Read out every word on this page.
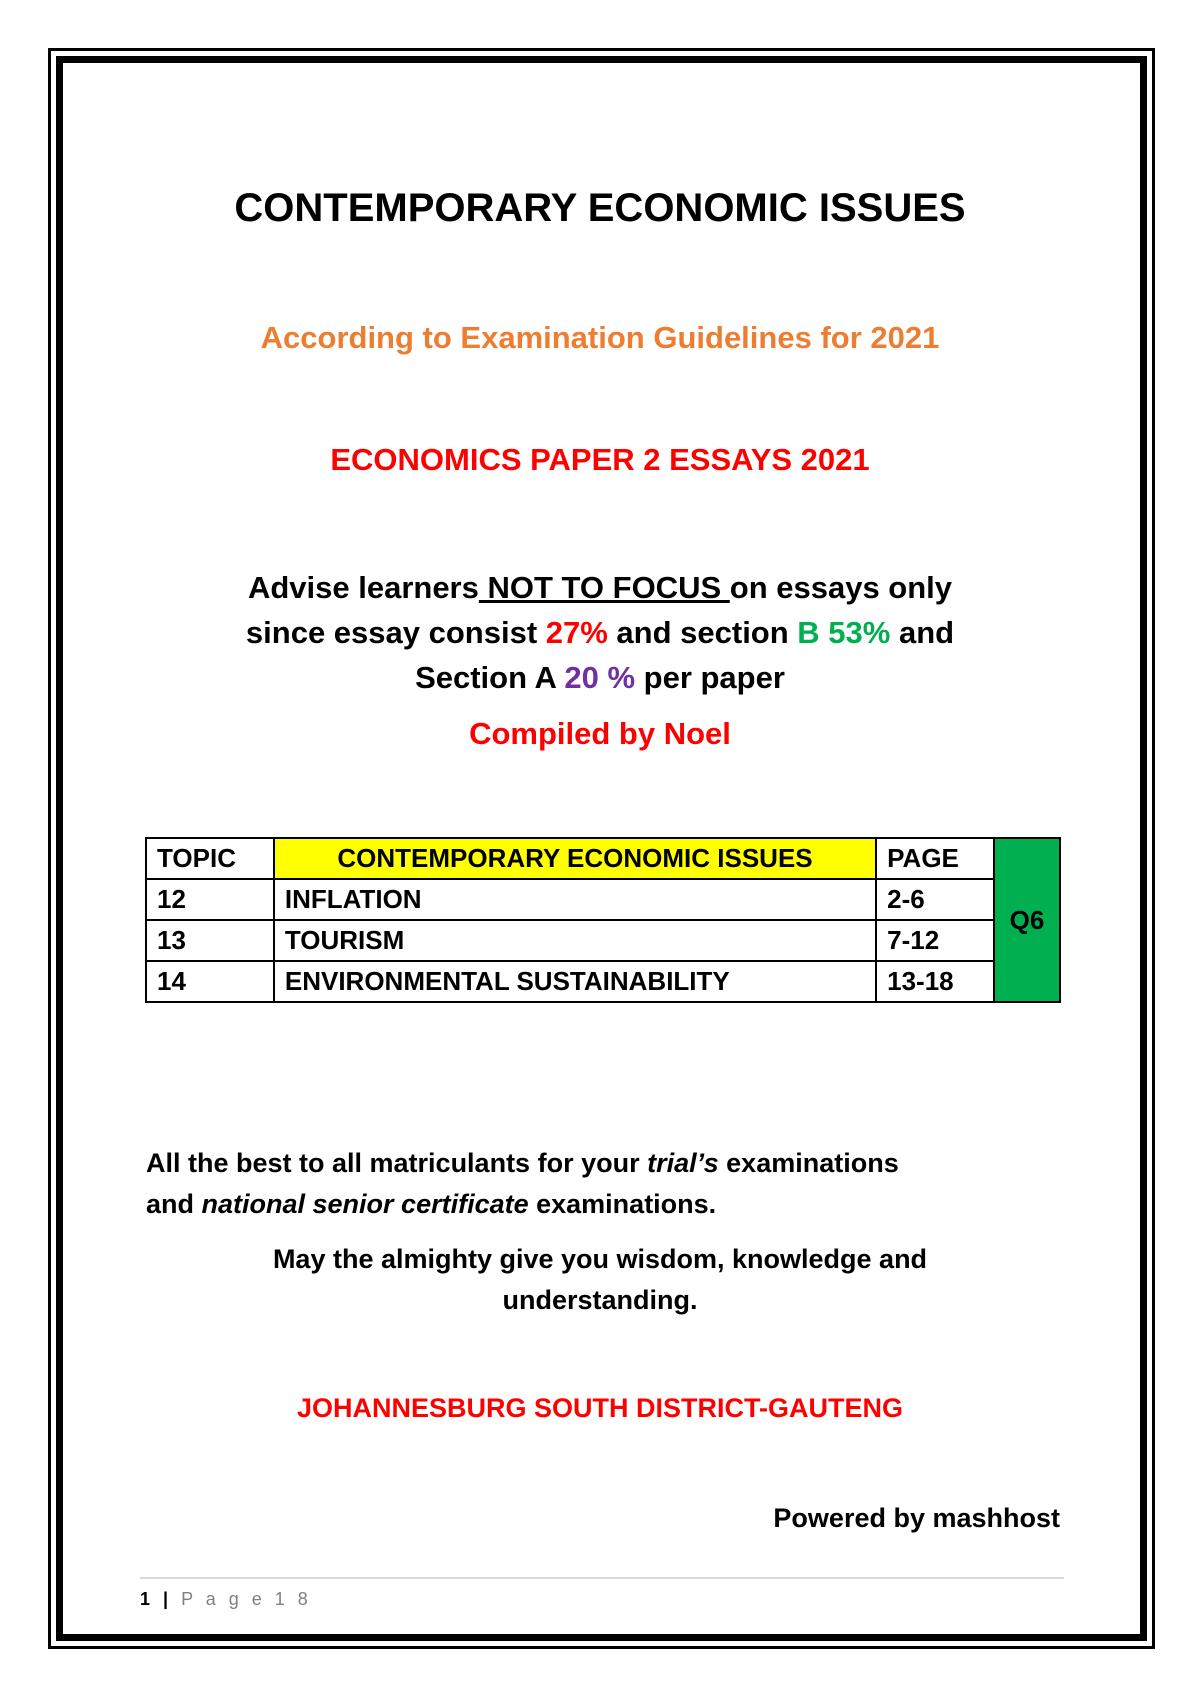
CONTEMPORARY ECONOMIC ISSUES
According to Examination Guidelines for 2021
ECONOMICS PAPER 2 ESSAYS 2021
Advise learners NOT TO FOCUS on essays only
since essay consist 27% and section B 53% and
Section A 20 % per paper
Compiled by Noel
TOPIC	CONTEMPORARY ECONOMIC ISSUES	PAGE	Q6
12	INFLATION	2-6	
13	TOURISM	7-12	
14	ENVIRONMENTAL SUSTAINABILITY	13-18	
All the best to all matriculants for your trial’s examinations
and national senior certificate examinations.
May the almighty give you wisdom, knowledge and
understanding.
JOHANNESBURG SOUTH DISTRICT-GAUTENG
Powered by mashhost
1 | P a g e 1 8
